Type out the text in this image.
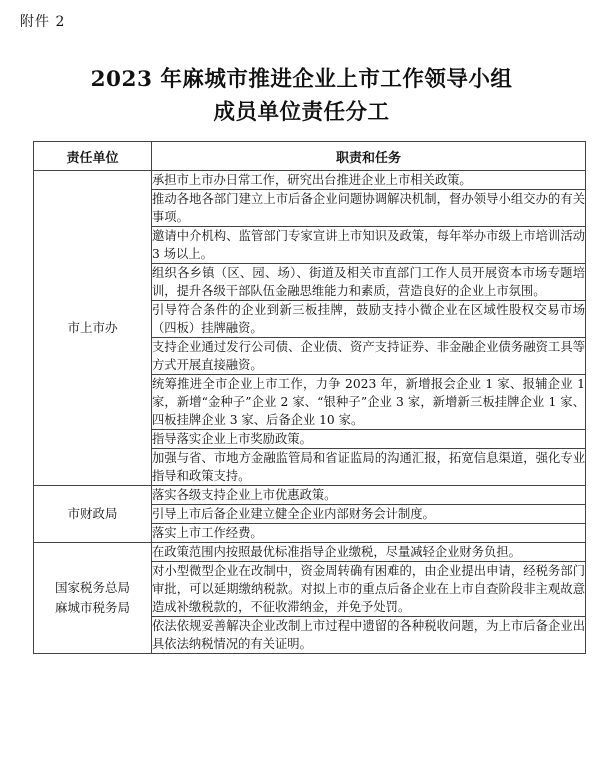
附件 2
2023 年麻城市推进企业上市工作领导小组
成员单位责任分工
责任单位	职责和任务
市上市办	承担市上市办日常工作，研究出台推进企业上市相关政策。
	推动各地各部门建立上市后备企业问题协调解决机制，督办领导小组交办的有关事项。
	邀请中介机构、监管部门专家宣讲上市知识及政策，每年举办市级上市培训活动 3 场以上。
	组织各乡镇（区、园、场）、街道及相关市直部门工作人员开展资本市场专题培训，提升各级干部队伍金融思维能力和素质，营造良好的企业上市氛围。
	引导符合条件的企业到新三板挂牌，鼓励支持小微企业在区域性股权交易市场（四板）挂牌融资。
	支持企业通过发行公司债、企业债、资产支持证券、非金融企业债务融资工具等方式开展直接融资。
	统筹推进全市企业上市工作，力争 2023 年，新增报会企业 1 家、报辅企业 1 家，新增“金种子”企业 2 家、“银种子”企业 3 家，新增新三板挂牌企业 1 家、四板挂牌企业 3 家、后备企业 10 家。
	指导落实企业上市奖励政策。
	加强与省、市地方金融监管局和省证监局的沟通汇报，拓宽信息渠道，强化专业指导和政策支持。
市财政局	落实各级支持企业上市优惠政策。
	引导上市后备企业建立健全企业内部财务会计制度。
	落实上市工作经费。

国家税务总局
麻城市税务局	在政策范围内按照最优标准指导企业缴税，尽量减轻企业财务负担。
	对小型微型企业在改制中，资金周转确有困难的，由企业提出申请，经税务部门审批，可以延期缴纳税款。对拟上市的重点后备企业在上市自查阶段非主观故意造成补缴税款的，不征收滞纳金，并免予处罚。
	依法依规妥善解决企业改制上市过程中遗留的各种税收问题，为上市后备企业出具依法纳税情况的有关证明。
